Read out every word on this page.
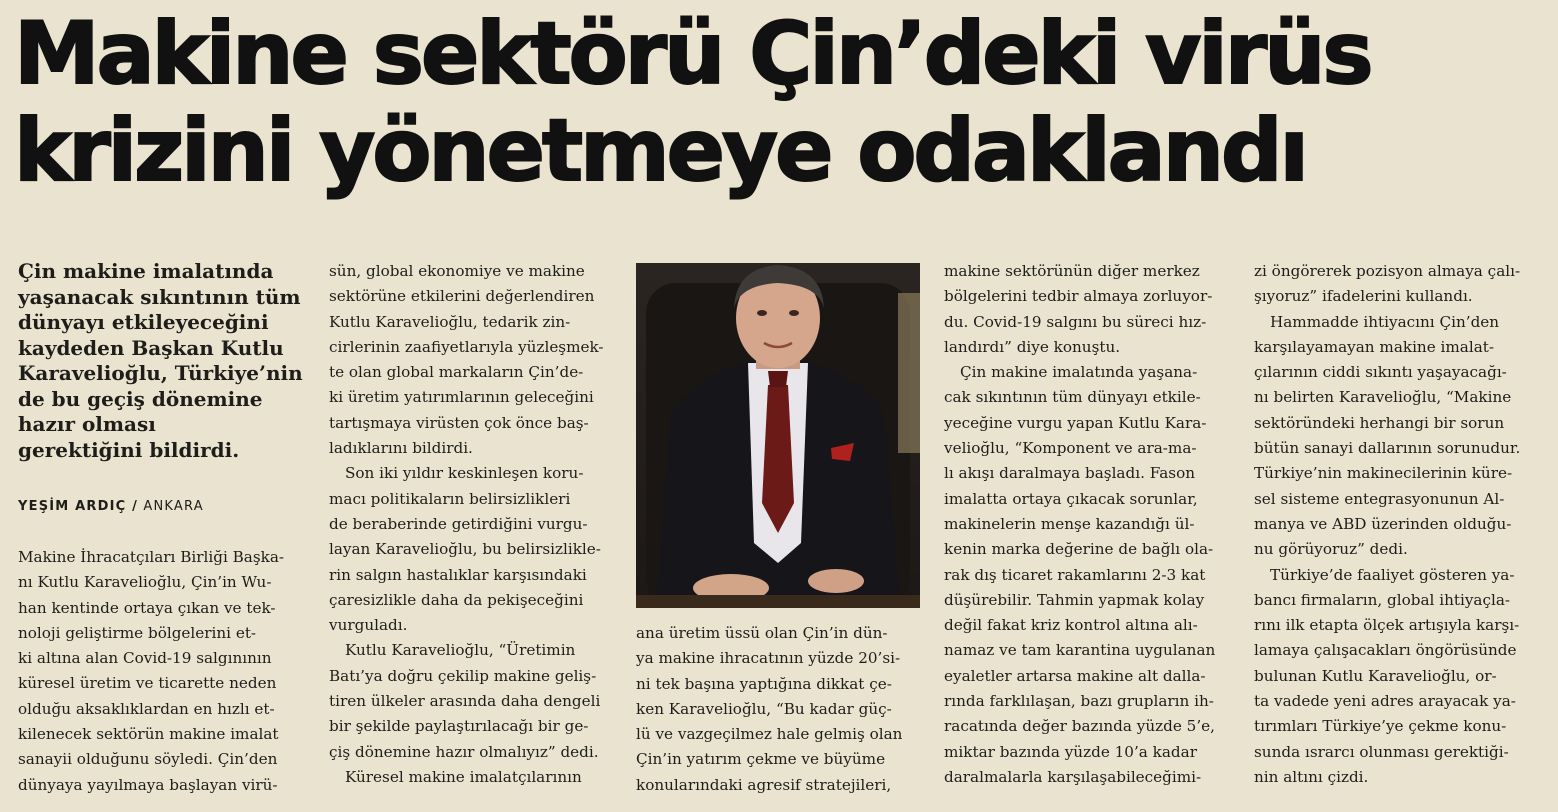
Makine sektörü Çin’deki virüs
krizini yönetmeye odaklandı
Çin makine imalatında
yaşanacak sıkıntının tüm
dünyayı etkileyeceğini
kaydeden Başkan Kutlu
Karavelioğlu, Türkiye’nin
de bu geçiş dönemine
hazır olması
gerektiğini bildirdi.
YEŞİM ARDIÇ / ANKARA
Makine İhracatçıları Birliği Başka-
nı Kutlu Karavelioğlu, Çin’in Wu-
han kentinde ortaya çıkan ve tek-
noloji geliştirme bölgelerini et-
ki altına alan Covid-19 salgınının
küresel üretim ve ticarette neden
olduğu aksaklıklardan en hızlı et-
kilenecek sektörün makine imalat
sanayii olduğunu söyledi. Çin’den
dünyaya yayılmaya başlayan virü-
sün, global ekonomiye ve makine
sektörüne etkilerini değerlendiren
Kutlu Karavelioğlu, tedarik zin-
cirlerinin zaafiyetlarıyla yüzleşmek-
te olan global markaların Çin’de-
ki üretim yatırımlarının geleceğini
tartışmaya virüsten çok önce baş-
ladıklarını bildirdi.
Son iki yıldır keskinleşen koru-
macı politikaların belirsizlikleri
de beraberinde getirdiğini vurgu-
layan Karavelioğlu, bu belirsizlikle-
rin salgın hastalıklar karşısındaki
çaresizlikle daha da pekişeceğini
vurguladı.
Kutlu Karavelioğlu, “Üretimin
Batı’ya doğru çekilip makine geliş-
tiren ülkeler arasında daha dengeli
bir şekilde paylaştırılacağı bir ge-
çiş dönemine hazır olmalıyız” dedi.
Küresel makine imalatçılarının
ana üretim üssü olan Çin’in dün-
ya makine ihracatının yüzde 20’si-
ni tek başına yaptığına dikkat çe-
ken Karavelioğlu, “Bu kadar güç-
lü ve vazgeçilmez hale gelmiş olan
Çin’in yatırım çekme ve büyüme
konularındaki agresif stratejileri,
makine sektörünün diğer merkez
bölgelerini tedbir almaya zorluyor-
du. Covid-19 salgını bu süreci hız-
landırdı” diye konuştu.
Çin makine imalatında yaşana-
cak sıkıntının tüm dünyayı etkile-
yeceğine vurgu yapan Kutlu Kara-
velioğlu, “Komponent ve ara-ma-
lı akışı daralmaya başladı. Fason
imalatta ortaya çıkacak sorunlar,
makinelerin menşe kazandığı ül-
kenin marka değerine de bağlı ola-
rak dış ticaret rakamlarını 2-3 kat
düşürebilir. Tahmin yapmak kolay
değil fakat kriz kontrol altına alı-
namaz ve tam karantina uygulanan
eyaletler artarsa makine alt dalla-
rında farklılaşan, bazı grupların ih-
racatında değer bazında yüzde 5’e,
miktar bazında yüzde 10’a kadar
daralmalarla karşılaşabileceğimi-
zi öngörerek pozisyon almaya çalı-
şıyoruz” ifadelerini kullandı.
Hammadde ihtiyacını Çin’den
karşılayamayan makine imalat-
çılarının ciddi sıkıntı yaşayacağı-
nı belirten Karavelioğlu, “Makine
sektöründeki herhangi bir sorun
bütün sanayi dallarının sorunudur.
Türkiye’nin makinecilerinin küre-
sel sisteme entegrasyonunun Al-
manya ve ABD üzerinden olduğu-
nu görüyoruz” dedi.
Türkiye’de faaliyet gösteren ya-
bancı firmaların, global ihtiyaçla-
rını ilk etapta ölçek artışıyla karşı-
lamaya çalışacakları öngörüsünde
bulunan Kutlu Karavelioğlu, or-
ta vadede yeni adres arayacak ya-
tırımları Türkiye’ye çekme konu-
sunda ısrarcı olunması gerektiği-
nin altını çizdi.
